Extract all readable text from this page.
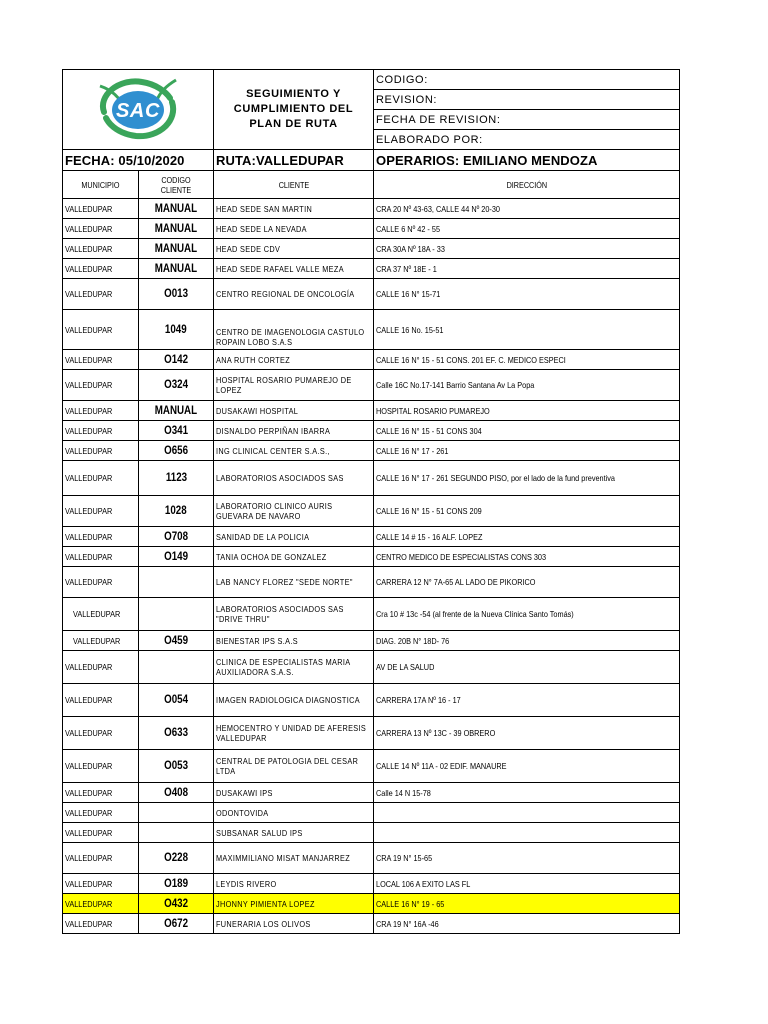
SAC		SEGUIMIENTO Y
CUMPLIMIENTO DEL
PLAN DE RUTA	CODIGO:
			REVISION:
			FECHA DE REVISION:
			ELABORADO POR:
FECHA: 05/10/2020		RUTA:VALLEDUPAR	OPERARIOS: EMILIANO MENDOZA
MUNICIPIO	CODIGO CLIENTE	CLIENTE	DIRECCIÓN
VALLEDUPAR	MANUAL	HEAD SEDE SAN MARTIN	CRA 20 Nº 43-63, CALLE 44 Nº 20-30
VALLEDUPAR	MANUAL	HEAD SEDE LA NEVADA	CALLE 6 Nº 42 - 55
VALLEDUPAR	MANUAL	HEAD SEDE CDV	CRA 30A Nº 18A - 33
VALLEDUPAR	MANUAL	HEAD SEDE RAFAEL VALLE MEZA	CRA 37 Nº 18E - 1
VALLEDUPAR	O013	CENTRO REGIONAL DE ONCOLOGÍA	CALLE 16 N° 15-71
VALLEDUPAR	1049	CENTRO DE IMAGENOLOGIA CASTULO ROPAIN LOBO S.A.S	CALLE 16 No. 15-51
VALLEDUPAR	O142	ANA RUTH CORTEZ	CALLE 16 N° 15 - 51 CONS. 201 EF. C. MEDICO ESPECI
VALLEDUPAR	O324	HOSPITAL ROSARIO PUMAREJO DE LOPEZ	Calle 16C No.17-141 Barrio Santana Av La Popa
VALLEDUPAR	MANUAL	DUSAKAWI HOSPITAL	HOSPITAL ROSARIO PUMAREJO
VALLEDUPAR	O341	DISNALDO PERPIÑAN IBARRA	CALLE 16 N° 15 - 51 CONS 304
VALLEDUPAR	O656	ING CLINICAL CENTER S.A.S.,	CALLE 16 N° 17 - 261
VALLEDUPAR	1123	LABORATORIOS ASOCIADOS SAS	CALLE 16 N° 17 - 261 SEGUNDO PISO, por el lado de la fund preventiva
VALLEDUPAR	1028	LABORATORIO CLINICO AURIS GUEVARA DE NAVARO	CALLE 16 N° 15 - 51 CONS 209
VALLEDUPAR	O708	SANIDAD DE LA POLICIA	CALLE 14 # 15 - 16 ALF. LOPEZ
VALLEDUPAR	O149	TANIA OCHOA DE GONZALEZ	CENTRO MEDICO DE ESPECIALISTAS CONS 303
VALLEDUPAR		LAB NANCY FLOREZ "SEDE NORTE"	CARRERA 12 N° 7A-65 AL LADO DE PIKORICO
VALLEDUPAR		LABORATORIOS ASOCIADOS SAS "DRIVE THRU"	Cra 10 # 13c -54 (al frente de la Nueva Clínica Santo Tomás)
VALLEDUPAR	O459	BIENESTAR IPS S.A.S	DIAG. 20B N° 18D- 76
VALLEDUPAR		CLINICA DE ESPECIALISTAS MARIA AUXILIADORA S.A.S.	AV DE LA SALUD
VALLEDUPAR	O054	IMAGEN RADIOLOGICA DIAGNOSTICA	CARRERA 17A Nº 16 - 17
VALLEDUPAR	O633	HEMOCENTRO Y UNIDAD DE AFERESIS VALLEDUPAR	CARRERA 13 Nº 13C - 39 OBRERO
VALLEDUPAR	O053	CENTRAL DE PATOLOGIA DEL CESAR LTDA	CALLE 14 Nº 11A - 02 EDIF. MANAURE
VALLEDUPAR	O408	DUSAKAWI IPS	Calle 14 N 15-78
VALLEDUPAR		ODONTOVIDA	
VALLEDUPAR		SUBSANAR SALUD IPS	
VALLEDUPAR	O228	MAXIMMILIANO MISAT MANJARREZ	CRA 19 N° 15-65
VALLEDUPAR	O189	LEYDIS RIVERO	LOCAL 106 A EXITO LAS FL
VALLEDUPAR	O432	JHONNY PIMIENTA LOPEZ	CALLE 16 N° 19 - 65
VALLEDUPAR	O672	FUNERARIA LOS OLIVOS	CRA 19 N° 16A -46
